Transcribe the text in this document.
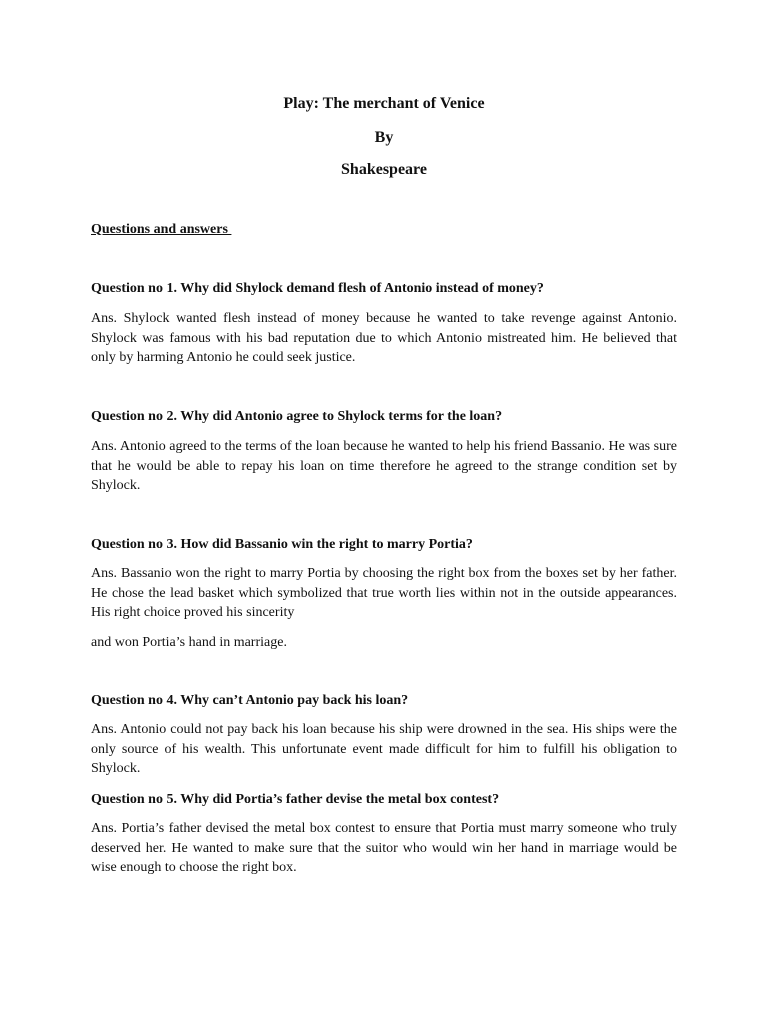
Play: The merchant of Venice
By
Shakespeare
Questions and answers
Question no 1. Why did Shylock demand flesh of Antonio instead of money?
Ans. Shylock wanted flesh instead of money because he wanted to take revenge against Antonio. Shylock was famous with his bad reputation due to which Antonio mistreated him. He believed that only by harming Antonio he could seek justice.
Question no 2. Why did Antonio agree to Shylock terms for the loan?
Ans. Antonio agreed to the terms of the loan because he wanted to help his friend Bassanio. He was sure that he would be able to repay his loan on time therefore he agreed to the strange condition set by Shylock.
Question no 3. How did Bassanio win the right to marry Portia?
Ans. Bassanio won the right to marry Portia by choosing the right box from the boxes set by her father. He chose the lead basket which symbolized that true worth lies within not in the outside appearances. His right choice proved his sincerity
and won Portia’s hand in marriage.
Question no 4. Why can’t Antonio pay back his loan?
Ans. Antonio could not pay back his loan because his ship were drowned in the sea. His ships were the only source of his wealth. This unfortunate event made difficult for him to fulfill his obligation to Shylock.
Question no 5. Why did Portia’s father devise the metal box contest?
Ans. Portia’s father devised the metal box contest to ensure that Portia must marry someone who truly deserved her. He wanted to make sure that the suitor who would win her hand in marriage would be wise enough to choose the right box.
